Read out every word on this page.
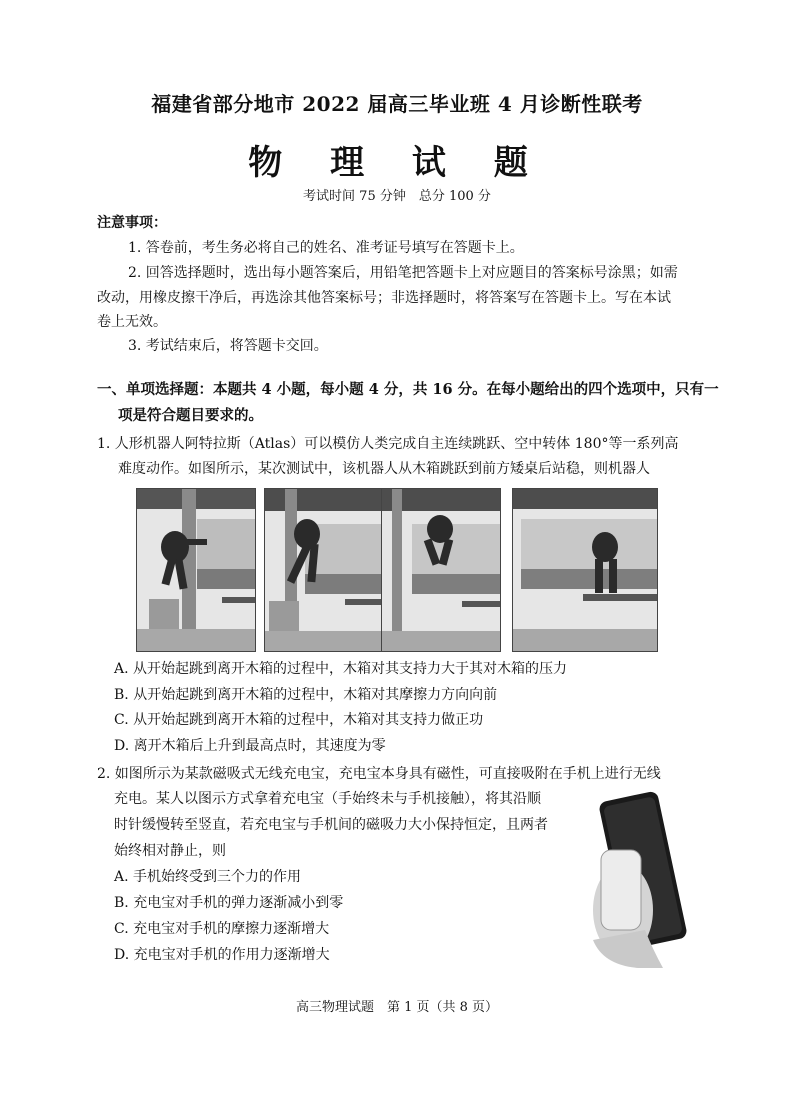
福建省部分地市 2022 届高三毕业班 4 月诊断性联考
物 理 试 题
考试时间 75 分钟　总分 100 分
注意事项：
1. 答卷前，考生务必将自己的姓名、准考证号填写在答题卡上。
2. 回答选择题时，选出每小题答案后，用铅笔把答题卡上对应题目的答案标号涂黑；如需
改动，用橡皮擦干净后，再选涂其他答案标号；非选择题时，将答案写在答题卡上。写在本试
卷上无效。
3. 考试结束后，将答题卡交回。
一、单项选择题：本题共 4 小题，每小题 4 分，共 16 分。在每小题给出的四个选项中，只有一
项是符合题目要求的。
1. 人形机器人阿特拉斯（Atlas）可以模仿人类完成自主连续跳跃、空中转体 180°等一系列高
难度动作。如图所示，某次测试中，该机器人从木箱跳跃到前方矮桌后站稳，则机器人
A. 从开始起跳到离开木箱的过程中，木箱对其支持力大于其对木箱的压力
B. 从开始起跳到离开木箱的过程中，木箱对其摩擦力方向向前
C. 从开始起跳到离开木箱的过程中，木箱对其支持力做正功
D. 离开木箱后上升到最高点时，其速度为零
2. 如图所示为某款磁吸式无线充电宝，充电宝本身具有磁性，可直接吸附在手机上进行无线
充电。某人以图示方式拿着充电宝（手始终未与手机接触），将其沿顺
时针缓慢转至竖直，若充电宝与手机间的磁吸力大小保持恒定，且两者
始终相对静止，则
A. 手机始终受到三个力的作用
B. 充电宝对手机的弹力逐渐减小到零
C. 充电宝对手机的摩擦力逐渐增大
D. 充电宝对手机的作用力逐渐增大
高三物理试题　第 1 页（共 8 页）
